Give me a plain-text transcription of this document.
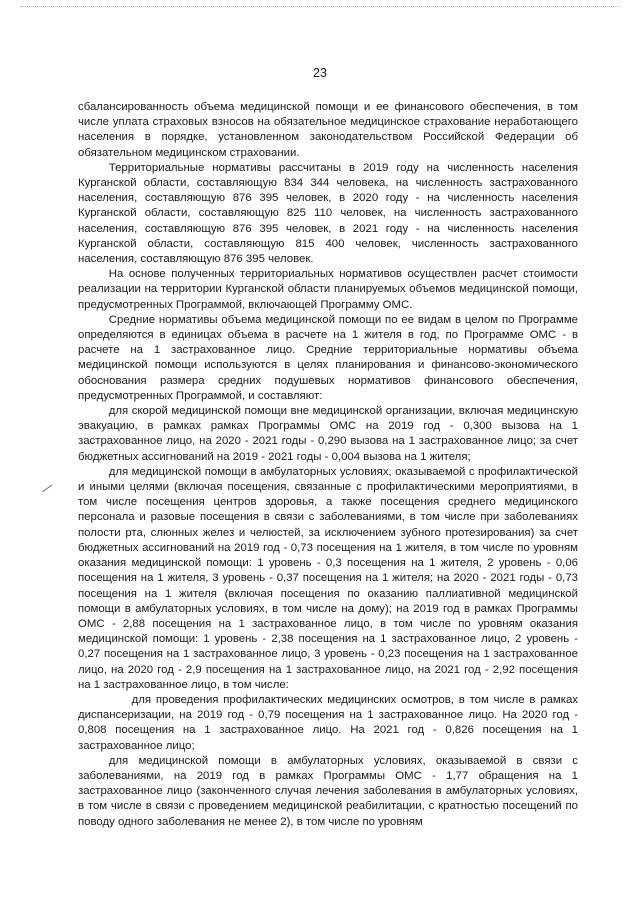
23

сбалансированность объема медицинской помощи и ее финансового обеспечения, в том числе уплата страховых взносов на обязательное медицинское страхование неработающего населения в порядке, установленном законодательством Российской Федерации об обязательном медицинском страховании.

Территориальные нормативы рассчитаны в 2019 году на численность населения Курганской области, составляющую 834 344 человека, на численность застрахованного населения, составляющую 876 395 человек, в 2020 году - на численность населения Курганской области, составляющую 825 110 человек, на численность застрахованного населения, составляющую 876 395 человек, в 2021 году - на численность населения Курганской области, составляющую 815 400 человек, численность застрахованного населения, составляющую 876 395 человек.

На основе полученных территориальных нормативов осуществлен расчет стоимости реализации на территории Курганской области планируемых объемов медицинской помощи, предусмотренных Программой, включающей Программу ОМС.

Средние нормативы объема медицинской помощи по ее видам в целом по Программе определяются в единицах объема в расчете на 1 жителя в год, по Программе ОМС - в расчете на 1 застрахованное лицо. Средние территориальные нормативы объема медицинской помощи используются в целях планирования и финансово-экономического обоснования размера средних подушевых нормативов финансового обеспечения, предусмотренных Программой, и составляют:

для скорой медицинской помощи вне медицинской организации, включая медицинскую эвакуацию, в рамках рамках Программы ОМС на 2019 год - 0,300 вызова на 1 застрахованное лицо, на 2020 - 2021 годы - 0,290 вызова на 1 застрахованное лицо; за счет бюджетных ассигнований на 2019 - 2021 годы - 0,004 вызова на 1 жителя;

для медицинской помощи в амбулаторных условиях, оказываемой с профилактической и иными целями (включая посещения, связанные с профилактическими мероприятиями, в том числе посещения центров здоровья, а также посещения среднего медицинского персонала и разовые посещения в связи с заболеваниями, в том числе при заболеваниях полости рта, слюнных желез и челюстей, за исключением зубного протезирования) за счет бюджетных ассигнований на 2019 год - 0,73 посещения на 1 жителя, в том числе по уровням оказания медицинской помощи: 1 уровень - 0,3 посещения на 1 жителя, 2 уровень - 0,06 посещения на 1 жителя, 3 уровень - 0,37 посещения на 1 жителя; на 2020 - 2021 годы - 0,73 посещения на 1 жителя (включая посещения по оказанию паллиативной медицинской помощи в амбулаторных условиях, в том числе на дому); на 2019 год в рамках Программы ОМС - 2,88 посещения на 1 застрахованное лицо, в том числе по уровням оказания медицинской помощи: 1 уровень - 2,38 посещения на 1 застрахованное лицо, 2 уровень - 0,27 посещения на 1 застрахованное лицо, 3 уровень - 0,23 посещения на 1 застрахованное лицо, на 2020 год - 2,9 посещения на 1 застрахованное лицо, на 2021 год - 2,92 посещения на 1 застрахованное лицо, в том числе:

для проведения профилактических медицинских осмотров, в том числе в рамках диспансеризации, на 2019 год - 0,79 посещения на 1 застрахованное лицо. На 2020 год - 0,808 посещения на 1 застрахованное лицо. На 2021 год - 0,826 посещения на 1 застрахованное лицо;

для медицинской помощи в амбулаторных условиях, оказываемой в связи с заболеваниями, на 2019 год в рамках Программы ОМС - 1,77 обращения на 1 застрахованное лицо (законченного случая лечения заболевания в амбулаторных условиях, в том числе в связи с проведением медицинской реабилитации, с кратностью посещений по поводу одного заболевания не менее 2), в том числе по уровням
